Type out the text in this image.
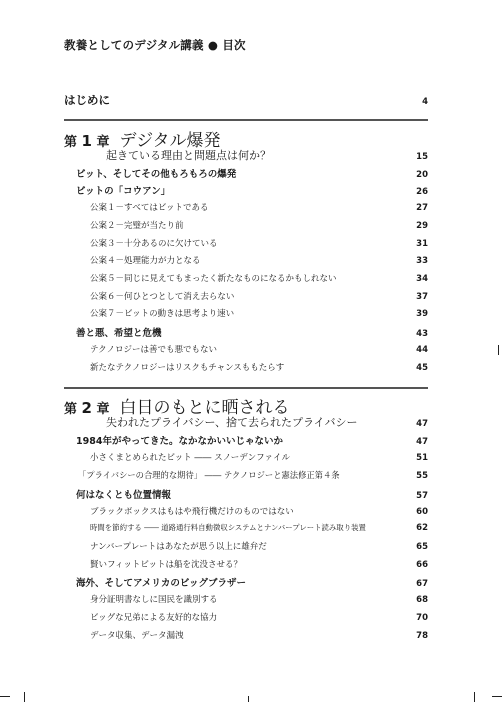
教養としてのデジタル講義 ● 目次
はじめに	4
第 1 章 デジタル爆発
起きている理由と問題点は何か？	15
ビット、そしてその他もろもろの爆発	20
ビットの「コウアン」	26
公案１－すべてはビットである	27
公案２－完璧が当たり前	29
公案３－十分あるのに欠けている	31
公案４－処理能力が力となる	33
公案５－同じに見えてもまったく新たなものになるかもしれない	34
公案６－何ひとつとして消え去らない	37
公案７－ビットの動きは思考より速い	39
善と悪、希望と危機	43
テクノロジーは善でも悪でもない	44
新たなテクノロジーはリスクもチャンスももたらす	45
第 2 章 白日のもとに晒される
失われたプライバシー、捨て去られたプライバシー	47
1984年がやってきた。なかなかいいじゃないか	47
小さくまとめられたビット ―― スノーデンファイル	51
「プライバシーの合理的な期待」 ―― テクノロジーと憲法修正第４条	55
何はなくとも位置情報	57
ブラックボックスはもはや飛行機だけのものではない	60
時間を節約する ―― 道路通行料自動徴収システムとナンバープレート読み取り装置	62
ナンバープレートはあなたが思う以上に雄弁だ	65
賢いフィットビットは船を沈没させる？	66
海外、そしてアメリカのビッグブラザー	67
身分証明書なしに国民を識別する	68
ビッグな兄弟による友好的な協力	70
データ収集、データ漏洩	78
